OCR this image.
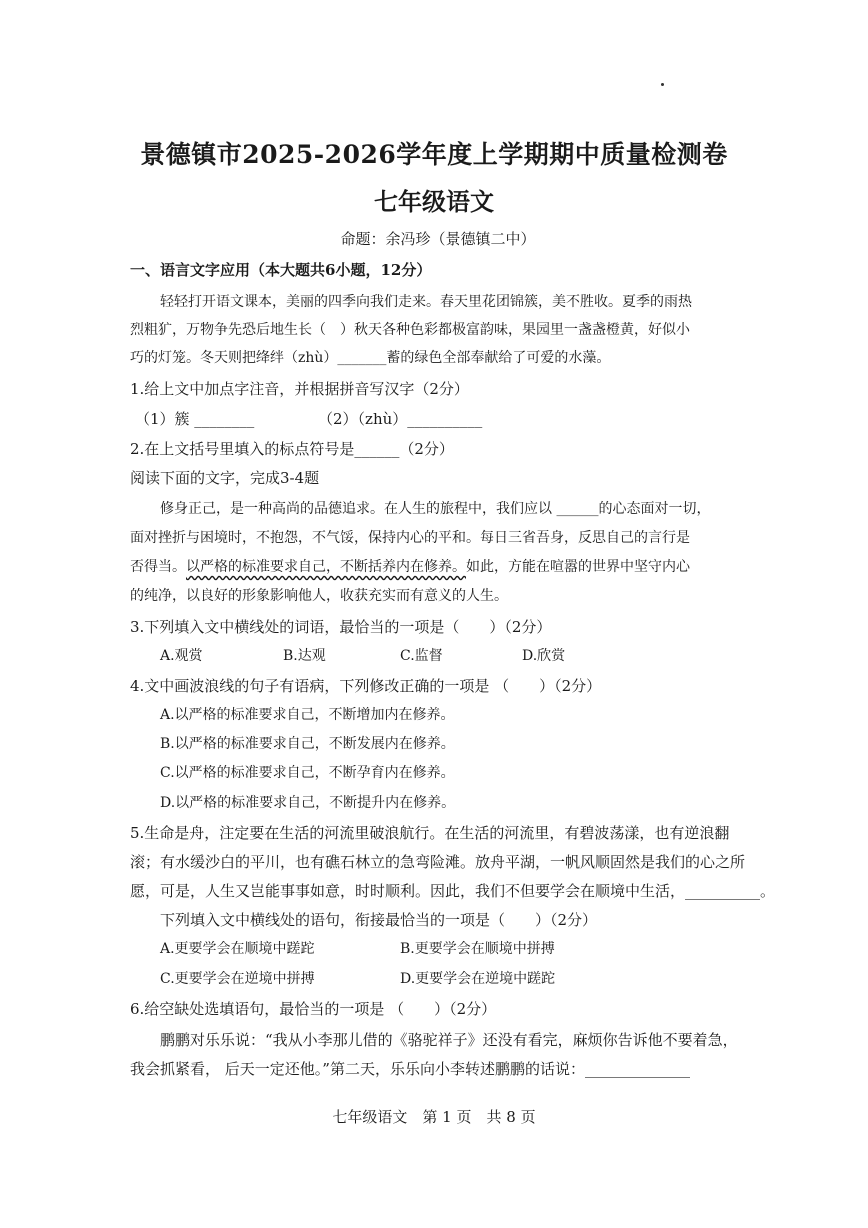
景德镇市2025-2026学年度上学期期中质量检测卷
七年级语文
命题：余冯珍（景德镇二中）
一、语言文字应用（本大题共6小题，12分）
轻轻打开语文课本，美丽的四季向我们走来。春天里花团锦簇，美不胜收。夏季的雨热
烈粗犷，万物争先恐后地生长（　）秋天各种色彩都极富韵味，果园里一盏盏橙黄，好似小
巧的灯笼。冬天则把绛绊（zhù）_______蓄的绿色全部奉献给了可爱的水藻。
1.给上文中加点字注音，并根据拼音写汉字（2分）
（1）簇 ________	（2）（zhù）__________
2.在上文括号里填入的标点符号是______（2分）
阅读下面的文字，完成3-4题
修身正己，是一种高尚的品德追求。在人生的旅程中，我们应以 ______的心态面对一切，
面对挫折与困境时，不抱怨，不气馁，保持内心的平和。每日三省吾身，反思自己的言行是
否得当。以严格的标准要求自己，不断括养内在修养。如此，方能在喧嚣的世界中坚守内心
的纯净，以良好的形象影响他人，收获充实而有意义的人生。
3.下列填入文中横线处的词语，最恰当的一项是（　　）（2分）
A.观赏	B.达观	C.监督	D.欣赏
4.文中画波浪线的句子有语病，下列修改正确的一项是 （　　）（2分）
A.以严格的标准要求自己，不断增加内在修养。
B.以严格的标准要求自己，不断发展内在修养。
C.以严格的标准要求自己，不断孕育内在修养。
D.以严格的标准要求自己，不断提升内在修养。
5.生命是舟，注定要在生活的河流里破浪航行。在生活的河流里，有碧波荡漾，也有逆浪翻
滚；有水缓沙白的平川，也有礁石林立的急弯险滩。放舟平湖，一帆风顺固然是我们的心之所
愿，可是，人生又岂能事事如意，时时顺利。因此，我们不但要学会在顺境中生活，__________。
下列填入文中横线处的语句，衔接最恰当的一项是（　　）（2分）
A.更要学会在顺境中蹉跎	B.更要学会在顺境中拼搏
C.更要学会在逆境中拼搏	D.更要学会在逆境中蹉跎
6.给空缺处选填语句，最恰当的一项是 （　　）（2分）
鹏鹏对乐乐说：“我从小李那儿借的《骆驼祥子》还没有看完，麻烦你告诉他不要着急，
我会抓紧看， 后天一定还他。”第二天，乐乐向小李转述鹏鹏的话说：______________
七年级语文　第 1 页　共 8 页
